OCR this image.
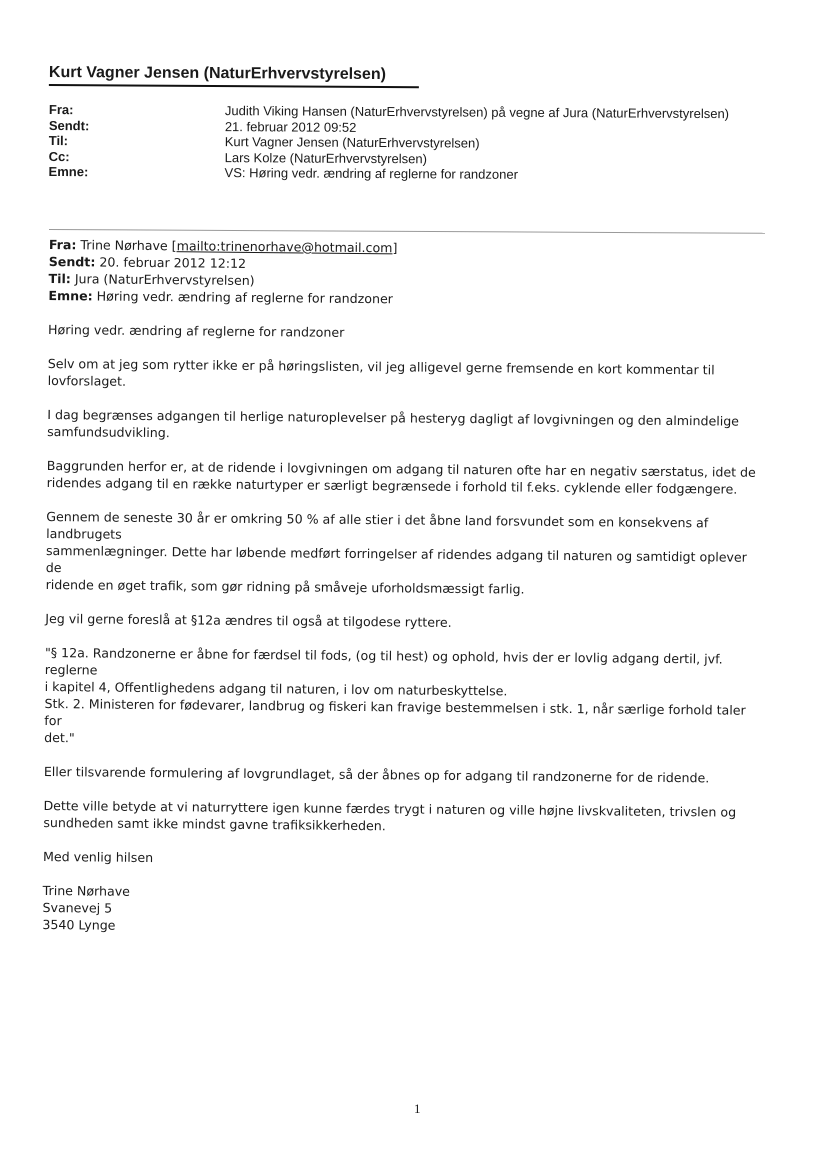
Kurt Vagner Jensen (NaturErhvervstyrelsen)
Fra:	Judith Viking Hansen (NaturErhvervstyrelsen) på vegne af Jura (NaturErhvervstyrelsen)
Sendt:	21. februar 2012 09:52
Til:	Kurt Vagner Jensen (NaturErhvervstyrelsen)
Cc:	Lars Kolze (NaturErhvervstyrelsen)
Emne:	VS: Høring vedr. ændring af reglerne for randzoner
Fra: Trine Nørhave [mailto:trinenorhave@hotmail.com]
Sendt: 20. februar 2012 12:12
Til: Jura (NaturErhvervstyrelsen)
Emne: Høring vedr. ændring af reglerne for randzoner

Høring vedr. ændring af reglerne for randzoner

Selv om at jeg som rytter ikke er på høringslisten, vil jeg alligevel gerne fremsende en kort kommentar til
lovforslaget.
I dag begrænses adgangen til herlige naturoplevelser på hesteryg dagligt af lovgivningen og den almindelige
samfundsudvikling.
Baggrunden herfor er, at de ridende i lovgivningen om adgang til naturen ofte har en negativ særstatus, idet de
ridendes adgang til en række naturtyper er særligt begrænsede i forhold til f.eks. cyklende eller fodgængere.
Gennem de seneste 30 år er omkring 50 % af alle stier i det åbne land forsvundet som en konsekvens af landbrugets
sammenlægninger. Dette har løbende medført forringelser af ridendes adgang til naturen og samtidigt oplever de
ridende en øget trafik, som gør ridning på småveje uforholdsmæssigt farlig.

Jeg vil gerne foreslå at §12a ændres til også at tilgodese ryttere.

"§ 12a. Randzonerne er åbne for færdsel til fods, (og til hest) og ophold, hvis der er lovlig adgang dertil, jvf. reglerne
i kapitel 4, Offentlighedens adgang til naturen, i lov om naturbeskyttelse.
Stk. 2. Ministeren for fødevarer, landbrug og fiskeri kan fravige bestemmelsen i stk. 1, når særlige forhold taler for
det."

Eller tilsvarende formulering af lovgrundlaget, så der åbnes op for adgang til randzonerne for de ridende.

Dette ville betyde at vi naturryttere igen kunne færdes trygt i naturen og ville højne livskvaliteten, trivslen og
sundheden samt ikke mindst gavne trafiksikkerheden.

Med venlig hilsen

Trine Nørhave
Svanevej 5
3540 Lynge
1
